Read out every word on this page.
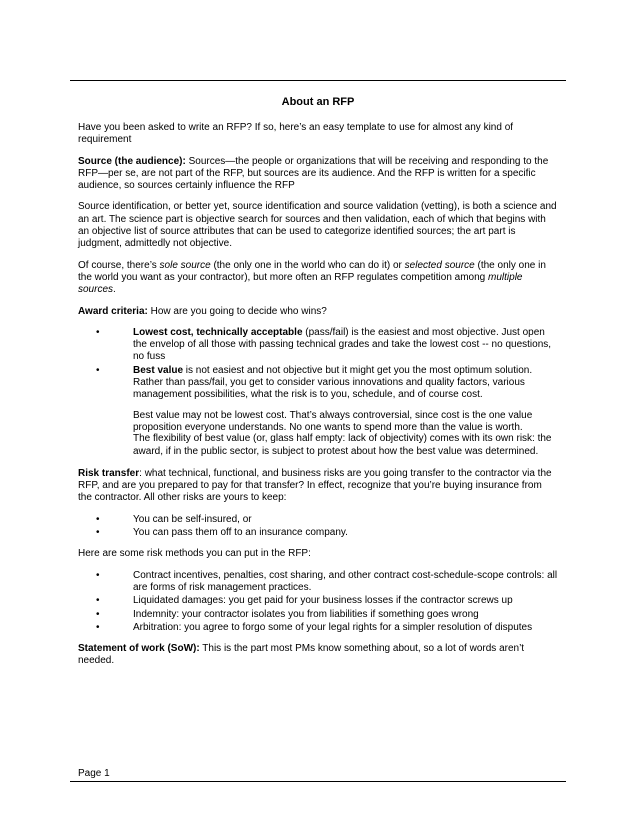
About an RFP

Have you been asked to write an RFP? If so, here’s an easy template to use for almost any kind of requirement

Source (the audience): Sources—the people or organizations that will be receiving and responding to the RFP—per se, are not part of the RFP, but sources are its audience. And the RFP is written for a specific audience, so sources certainly influence the RFP

Source identification, or better yet, source identification and source validation (vetting), is both a science and an art. The science part is objective search for sources and then validation, each of which that begins with an objective list of source attributes that can be used to categorize identified sources; the art part is judgment, admittedly not objective.

Of course, there’s sole source (the only one in the world who can do it) or selected source (the only one in the world you want as your contractor), but more often an RFP regulates competition among multiple sources.

Award criteria: How are you going to decide who wins?

•	Lowest cost, technically acceptable (pass/fail) is the easiest and most objective. Just open the envelop of all those with passing technical grades and take the lowest cost -- no questions, no fuss
•	Best value is not easiest and not objective but it might get you the most optimum solution. Rather than pass/fail, you get to consider various innovations and quality factors, various management possibilities, what the risk is to you, schedule, and of course cost.

Best value may not be lowest cost. That’s always controversial, since cost is the one value proposition everyone understands. No one wants to spend more than the value is worth.

The flexibility of best value (or, glass half empty: lack of objectivity) comes with its own risk: the award, if in the public sector, is subject to protest about how the best value was determined.

Risk transfer: what technical, functional, and business risks are you going transfer to the contractor via the RFP, and are you prepared to pay for that transfer? In effect, recognize that you’re buying insurance from the contractor. All other risks are yours to keep:

•	You can be self-insured, or
•	You can pass them off to an insurance company.

Here are some risk methods you can put in the RFP:

•	Contract incentives, penalties, cost sharing, and other contract cost-schedule-scope controls: all are forms of risk management practices.
•	Liquidated damages: you get paid for your business losses if the contractor screws up
•	Indemnity: your contractor isolates you from liabilities if something goes wrong
•	Arbitration: you agree to forgo some of your legal rights for a simpler resolution of disputes

Statement of work (SoW): This is the part most PMs know something about, so a lot of words aren’t needed.

Page 1
